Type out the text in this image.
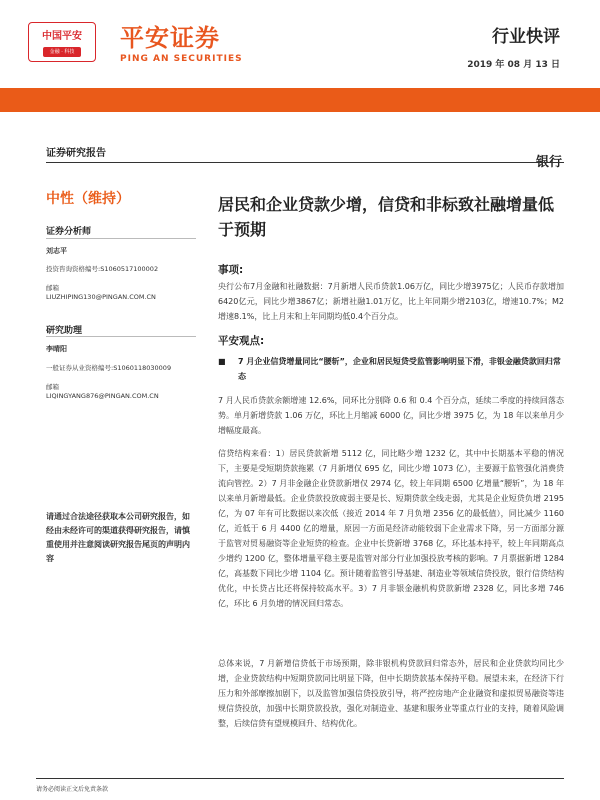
中国平安
金融 · 科技 平安证券
PING AN SECURITIES
行业快评
2019 年 08 月 13 日
证券研究报告
银行
中性（维持）
证券分析师
刘志平
投资咨询资格编号:S1060517100002
邮箱
LIUZHIPING130@PINGAN.COM.CN
研究助理
李晴阳
一般证券从业资格编号:S1060118030009
邮箱
LIQINGYANG876@PINGAN.COM.CN
请通过合法途径获取本公司研究报告，如经由未经许可的渠道获得研究报告，请慎重使用并注意阅读研究报告尾页的声明内容
居民和企业贷款少增，信贷和非标致社融增量低于预期
事项:
央行公布7月金融和社融数据：7月新增人民币贷款1.06万亿，同比少增3975亿；人民币存款增加6420亿元，同比少增3867亿；新增社融1.01万亿，比上年同期少增2103亿，增速10.7%；M2增速8.1%，比上月末和上年同期均低0.4个百分点。
平安观点:
■ 7 月企业信贷增量同比“腰斩”，企业和居民短贷受监管影响明显下滑，非银金融贷款回归常态
7 月人民币贷款余额增速 12.6%，同环比分别降 0.6 和 0.4 个百分点，延续二季度的持续回落态势。单月新增贷款 1.06 万亿，环比上月缩减 6000 亿，同比少增 3975 亿，为 18 年以来单月少增幅度最高。
信贷结构来看：1）居民贷款新增 5112 亿，同比略少增 1232 亿，其中中长期基本平稳的情况下，主要是受短期贷款拖累（7 月新增仅 695 亿，同比少增 1073 亿），主要源于监管强化消费贷流向管控。2）7 月非金融企业贷款新增仅 2974 亿，较上年同期 6500 亿增量“腰斩”，为 18 年以来单月新增最低。企业贷款投放疲弱主要是长、短期贷款全线走弱，尤其是企业短贷负增 2195 亿，为 07 年有可比数据以来次低（接近 2014 年 7 月负增 2356 亿的最低值），同比减少 1160 亿，近低于 6 月 4400 亿的增量，原因一方面是经济动能较弱下企业需求下降，另一方面部分源于监管对贸易融资等企业短贷的检查。企业中长贷新增 3768 亿，环比基本持平，较上年同期高点少增约 1200 亿，整体增量平稳主要是监管对部分行业加强投放考核的影响。7 月票据新增 1284 亿，高基数下同比少增 1104 亿。预计随着监管引导基建、制造业等领域信贷投放，银行信贷结构优化，中长贷占比还将保持较高水平。3）7 月非银金融机构贷款新增 2328 亿，同比多增 746 亿，环比 6 月负增的情况回归常态。
总体来说，7 月新增信贷低于市场预期，除非银机构贷款回归常态外，居民和企业贷款均同比少增，企业贷款结构中短期贷款同比明显下降，但中长期贷款基本保持平稳。展望未来，在经济下行压力和外部摩擦加剧下，以及监管加强信贷投放引导，将严控房地产企业融资和虚拟贸易融资等违规信贷投放，加强中长期贷款投放，强化对制造业、基建和服务业等重点行业的支持，随着风险调整，后续信贷有望规模回升、结构优化。
请务必阅读正文后免责条款
